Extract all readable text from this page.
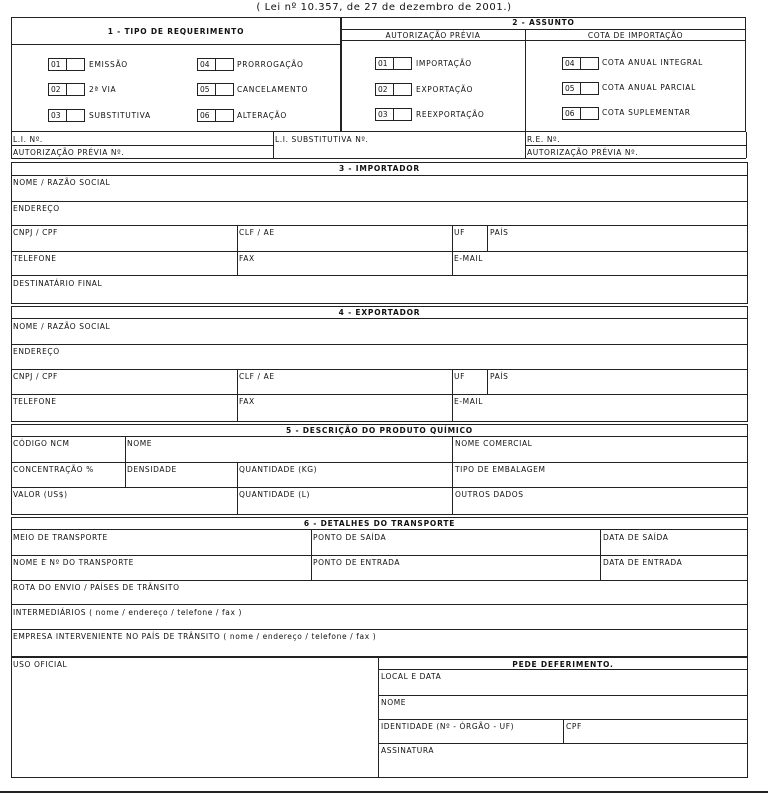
( Lei nº 10.357, de 27 de dezembro de 2001.)
1 - TIPO DE REQUERIMENTO
01	EMISSÃO
02	2ª VIA
03	SUBSTITUTIVA
04	PRORROGAÇÃO
05	CANCELAMENTO
06	ALTERAÇÃO
2 - ASSUNTO
AUTORIZAÇÃO PRÉVIA	COTA DE IMPORTAÇÃO
01	IMPORTAÇÃO
02	EXPORTAÇÃO
03	REEXPORTAÇÃO
04	COTA ANUAL INTEGRAL
05	COTA ANUAL PARCIAL
06	COTA SUPLEMENTAR
L.I. Nº.	L.I. SUBSTITUTIVA Nº.	R.E. Nº.
AUTORIZAÇÃO PRÉVIA Nº.	AUTORIZAÇÃO PRÉVIA Nº.
3 - IMPORTADOR
NOME / RAZÃO SOCIAL
ENDEREÇO
CNPJ / CPF	CLF / AE	UF	PAÍS
TELEFONE	FAX	E-MAIL
DESTINATÁRIO FINAL
4 - EXPORTADOR
NOME / RAZÃO SOCIAL
ENDEREÇO
CNPJ / CPF	CLF / AE	UF	PAÍS
TELEFONE	FAX	E-MAIL
5 - DESCRIÇÃO DO PRODUTO QUÍMICO
CÓDIGO NCM	NOME	NOME COMERCIAL
CONCENTRAÇÃO %	DENSIDADE	QUANTIDADE (KG)	TIPO DE EMBALAGEM
VALOR (US$)	QUANTIDADE (L)	OUTROS DADOS
6 - DETALHES DO TRANSPORTE
MEIO DE TRANSPORTE	PONTO DE SAÍDA	DATA DE SAÍDA
NOME E Nº DO TRANSPORTE	PONTO DE ENTRADA	DATA DE ENTRADA
ROTA DO ENVIO / PAÍSES DE TRÂNSITO
INTERMEDIÁRIOS ( nome / endereço / telefone / fax )
EMPRESA INTERVENIENTE NO PAÍS DE TRÂNSITO ( nome / endereço / telefone / fax )
USO OFICIAL	PEDE DEFERIMENTO.
LOCAL E DATA
NOME
IDENTIDADE (Nº - ÓRGÃO - UF)	CPF
ASSINATURA
